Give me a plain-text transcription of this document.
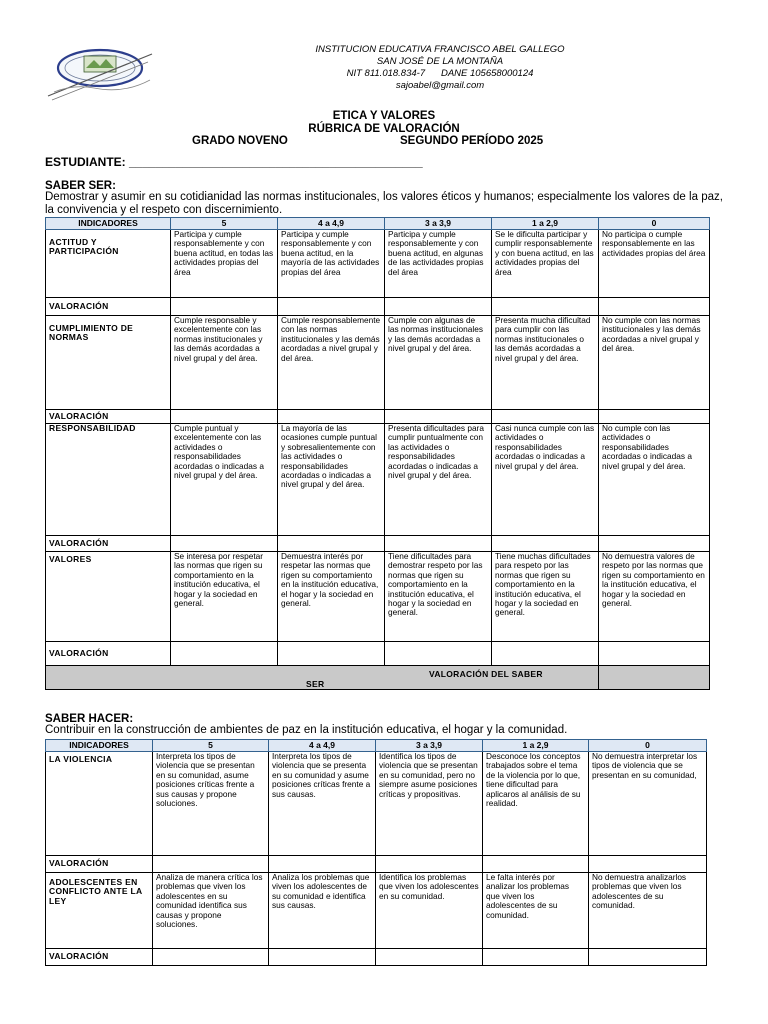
INSTITUCION EDUCATIVA FRANCISCO ABEL GALLEGO
SAN JOSÉ DE LA MONTAÑA
NIT 811.018.834-7 DANE 105658000124
sajoabel@gmail.com
ETICA Y VALORES
RÚBRICA DE VALORACIÓN
GRADO NOVENO	SEGUNDO PERÍODO 2025
ESTUDIANTE: ____________________________________________
SABER SER:
Demostrar y asumir en su cotidianidad las normas institucionales, los valores éticos y humanos; especialmente los valores de la paz, la convivencia y el respeto con discernimiento.
INDICADORES	5	4 a 4,9	3 a 3,9	1 a 2,9	0
ACTITUD Y PARTICIPACIÓN	Participa y cumple responsablemente y con buena actitud, en todas las actividades propias del área	Participa y cumple responsablemente y con buena actitud, en la mayoría de las actividades propias del área	Participa y cumple responsablemente y con buena actitud, en algunas de las actividades propias del área	Se le dificulta participar y cumplir responsablemente y con buena actitud, en las actividades propias del área	No participa o cumple responsablemente en las actividades propias del área
VALORACIÓN					
CUMPLIMIENTO DE NORMAS	Cumple responsable y excelentemente con las normas institucionales y las demás acordadas a nivel grupal y del área.	Cumple responsablemente con las normas institucionales y las demás acordadas a nivel grupal y del área.	Cumple con algunas de las normas institucionales y las demás acordadas a nivel grupal y del área.	Presenta mucha dificultad para cumplir con las normas institucionales o las demás acordadas a nivel grupal y del área.	No cumple con las normas institucionales y las demás acordadas a nivel grupal y del área.
VALORACIÓN					
RESPONSABILIDAD	Cumple puntual y excelentemente con las actividades o responsabilidades acordadas o indicadas a nivel grupal y del área.	La mayoría de las ocasiones cumple puntual y sobresalientemente con las actividades o responsabilidades acordadas o indicadas a nivel grupal y del área.	Presenta dificultades para cumplir puntualmente con las actividades o responsabilidades acordadas o indicadas a nivel grupal y del área.	Casi nunca cumple con las actividades o responsabilidades acordadas o indicadas a nivel grupal y del área.	No cumple con las actividades o responsabilidades acordadas o indicadas a nivel grupal y del área.
VALORACIÓN					
VALORES	Se interesa por respetar las normas que rigen su comportamiento en la institución educativa, el hogar y la sociedad en general.	Demuestra interés por respetar las normas que rigen su comportamiento en la institución educativa, el hogar y la sociedad en general.	Tiene dificultades para demostrar respeto por las normas que rigen su comportamiento en la institución educativa, el hogar y la sociedad en general.	Tiene muchas dificultades para respeto por las normas que rigen su comportamiento en la institución educativa, el hogar y la sociedad en general.	No demuestra valores de respeto por las normas que rigen su comportamiento en la institución educativa, el hogar y la sociedad en general.
VALORACIÓN					

VALORACIÓN DEL SABER
SER					

SABER HACER:
Contribuir en la construcción de ambientes de paz en la institución educativa, el hogar y la comunidad.
INDICADORES	5	4 a 4,9	3 a 3,9	1 a 2,9	0
LA VIOLENCIA	Interpreta los tipos de violencia que se presentan en su comunidad, asume posiciones críticas frente a sus causas y propone soluciones.	Interpreta los tipos de violencia que se presenta en su comunidad y asume posiciones críticas frente a sus causas.	Identifica los tipos de violencia que se presentan en su comunidad, pero no siempre asume posiciones críticas y propositivas.	Desconoce los conceptos trabajados sobre el tema de la violencia por lo que, tiene dificultad para aplicaros al análisis de su realidad.	No demuestra interpretar los tipos de violencia que se presentan en su comunidad,
VALORACIÓN					
ADOLESCENTES EN CONFLICTO ANTE LA LEY	Analiza de manera crítica los problemas que viven los adolescentes en su comunidad identifica sus causas y propone soluciones.	Analiza los problemas que viven los adolescentes de su comunidad e identifica sus causas.	Identifica los problemas que viven los adolescentes en su comunidad.	Le falta interés por analizar los problemas que viven los adolescentes de su comunidad.	No demuestra analizarlos problemas que viven los adolescentes de su comunidad.
VALORACIÓN					
